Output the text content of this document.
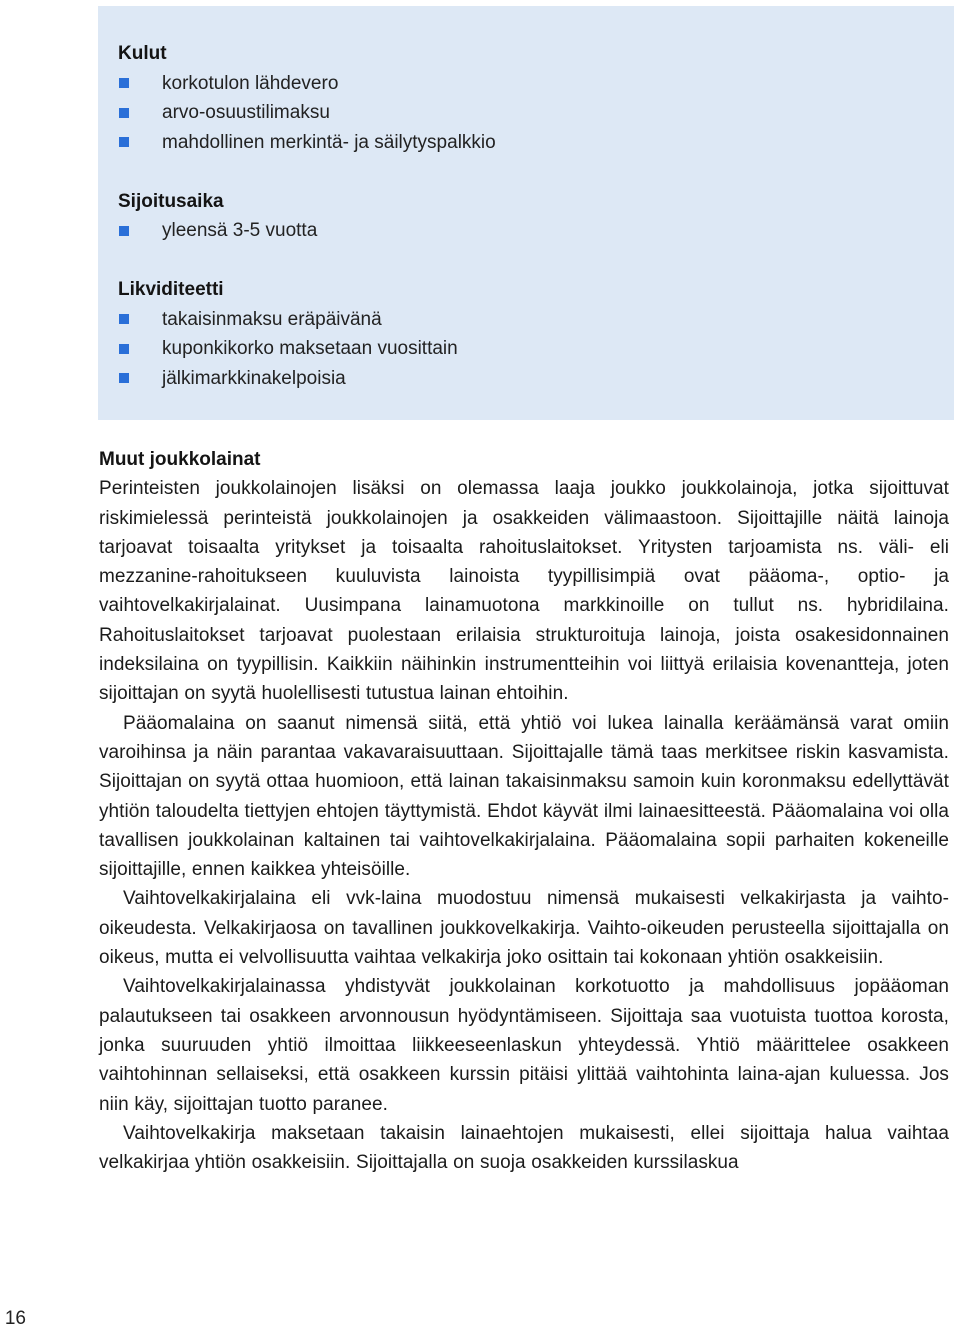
Kulut
korkotulon lähdevero
arvo-osuustilimaksu
mahdollinen merkintä- ja säilytyspalkkio
Sijoitusaika
yleensä 3-5 vuotta
Likviditeetti
takaisinmaksu eräpäivänä
kuponkikorko maksetaan vuosittain
jälkimarkkinakelpoisia
Muut joukkolainat

Perinteisten joukkolainojen lisäksi on olemassa laaja joukko joukkolainoja, jotka sijoittuvat riskimielessä perinteistä joukkolainojen ja osakkeiden välimaastoon. Sijoittajille näitä lainoja tarjoavat toisaalta yritykset ja toisaalta rahoituslaitokset. Yritysten tarjoamista ns. väli- eli mezzanine-rahoitukseen kuuluvista lainoista tyypillisimpiä ovat pääoma-, optio- ja vaihtovelkakirjalainat. Uusimpana lainamuotona markkinoille on tullut ns. hybridilaina. Rahoituslaitokset tarjoavat puolestaan erilaisia strukturoituja lainoja, joista osakesidonnainen indeksilaina on tyypillisin. Kaikkiin näihinkin instrumentteihin voi liittyä erilaisia kovenantteja, joten sijoittajan on syytä huolellisesti tutustua lainan ehtoihin.

Pääomalaina on saanut nimensä siitä, että yhtiö voi lukea lainalla keräämänsä varat omiin varoihinsa ja näin parantaa vakavaraisuuttaan. Sijoittajalle tämä taas merkitsee riskin kasvamista. Sijoittajan on syytä ottaa huomioon, että lainan takaisinmaksu samoin kuin koronmaksu edellyttävät yhtiön taloudelta tiettyjen ehtojen täyttymistä. Ehdot käyvät ilmi lainaesitteestä. Pääomalaina voi olla tavallisen joukkolainan kaltainen tai vaihtovelkakirjalaina. Pääomalaina sopii parhaiten kokeneille sijoittajille, ennen kaikkea yhteisöille.

Vaihtovelkakirjalaina eli vvk-laina muodostuu nimensä mukaisesti velkakirjasta ja vaihto-oikeudesta. Velkakirjaosa on tavallinen joukkovelkakirja. Vaihto-oikeuden perusteella sijoittajalla on oikeus, mutta ei velvollisuutta vaihtaa velkakirja joko osittain tai kokonaan yhtiön osakkeisiin.

Vaihtovelkakirjalainassa yhdistyvät joukkolainan korkotuotto ja mahdollisuus jopääoman palautukseen tai osakkeen arvonnousun hyödyntämiseen. Sijoittaja saa vuotuista tuottoa korosta, jonka suuruuden yhtiö ilmoittaa liikkeeseenlaskun yhteydessä. Yhtiö määrittelee osakkeen vaihtohinnan sellaiseksi, että osakkeen kurssin pitäisi ylittää vaihtohinta laina-ajan kuluessa. Jos niin käy, sijoittajan tuotto paranee.

Vaihtovelkakirja maksetaan takaisin lainaehtojen mukaisesti, ellei sijoittaja halua vaihtaa velkakirjaa yhtiön osakkeisiin. Sijoittajalla on suoja osakkeiden kurssilaskua

16
